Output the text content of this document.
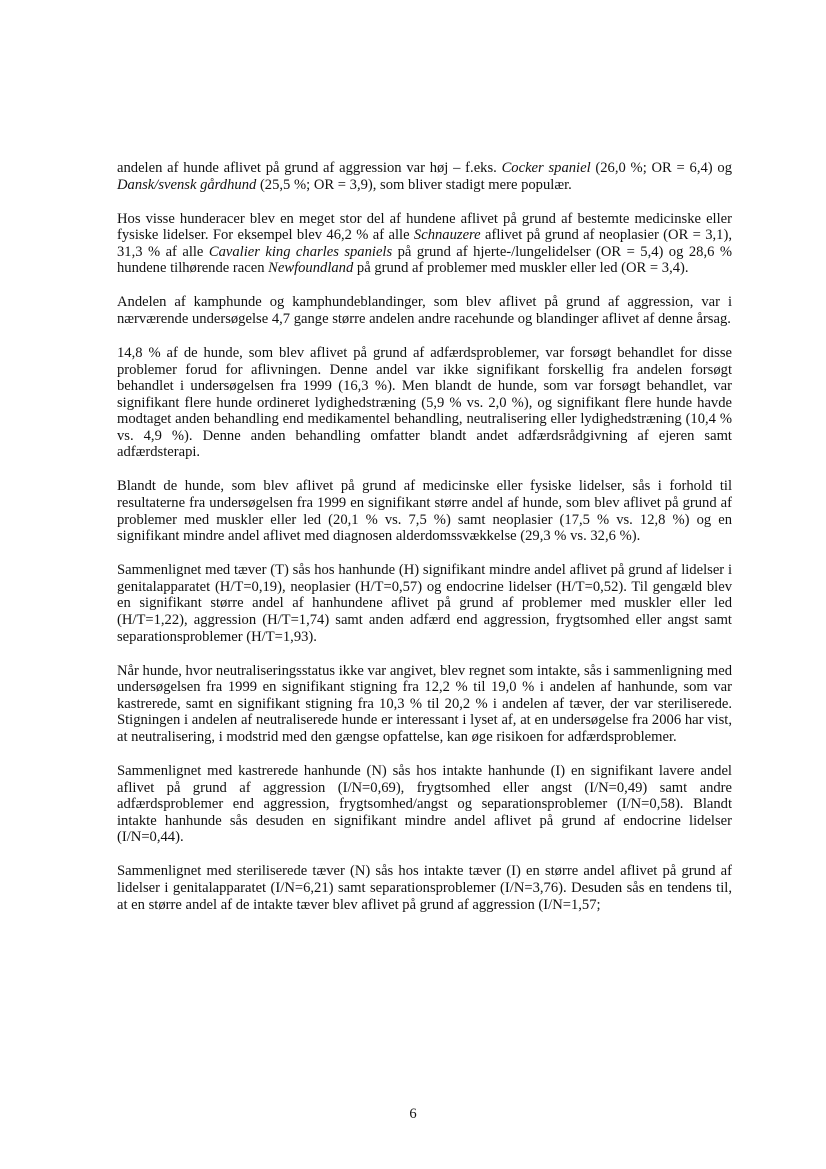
andelen af hunde aflivet på grund af aggression var høj – f.eks. Cocker spaniel (26,0 %; OR = 6,4) og Dansk/svensk gårdhund (25,5 %; OR = 3,9), som bliver stadigt mere populær.

Hos visse hunderacer blev en meget stor del af hundene aflivet på grund af bestemte medicinske eller fysiske lidelser. For eksempel blev 46,2 % af alle Schnauzere aflivet på grund af neoplasier (OR = 3,1), 31,3 % af alle Cavalier king charles spaniels på grund af hjerte-/lungelidelser (OR = 5,4) og 28,6 % hundene tilhørende racen Newfoundland på grund af problemer med muskler eller led (OR = 3,4).

Andelen af kamphunde og kamphundeblandinger, som blev aflivet på grund af aggression, var i nærværende undersøgelse 4,7 gange større andelen andre racehunde og blandinger aflivet af denne årsag.

14,8 % af de hunde, som blev aflivet på grund af adfærdsproblemer, var forsøgt behandlet for disse problemer forud for aflivningen. Denne andel var ikke signifikant forskellig fra andelen forsøgt behandlet i undersøgelsen fra 1999 (16,3 %). Men blandt de hunde, som var forsøgt behandlet, var signifikant flere hunde ordineret lydighedstræning (5,9 % vs. 2,0 %), og signifikant flere hunde havde modtaget anden behandling end medikamentel behandling, neutralisering eller lydighedstræning (10,4 % vs. 4,9 %). Denne anden behandling omfatter blandt andet adfærdsrådgivning af ejeren samt adfærdsterapi.

Blandt de hunde, som blev aflivet på grund af medicinske eller fysiske lidelser, sås i forhold til resultaterne fra undersøgelsen fra 1999 en signifikant større andel af hunde, som blev aflivet på grund af problemer med muskler eller led (20,1 % vs. 7,5 %) samt neoplasier (17,5 % vs. 12,8 %) og en signifikant mindre andel aflivet med diagnosen alderdomssvækkelse (29,3 % vs. 32,6 %).

Sammenlignet med tæver (T) sås hos hanhunde (H) signifikant mindre andel aflivet på grund af lidelser i genitalapparatet (H/T=0,19), neoplasier (H/T=0,57) og endocrine lidelser (H/T=0,52). Til gengæld blev en signifikant større andel af hanhundene aflivet på grund af problemer med muskler eller led (H/T=1,22), aggression (H/T=1,74) samt anden adfærd end aggression, frygtsomhed eller angst samt separationsproblemer (H/T=1,93).

Når hunde, hvor neutraliseringsstatus ikke var angivet, blev regnet som intakte, sås i sammenligning med undersøgelsen fra 1999 en signifikant stigning fra 12,2 % til 19,0 % i andelen af hanhunde, som var kastrerede, samt en signifikant stigning fra 10,3 % til 20,2 % i andelen af tæver, der var steriliserede. Stigningen i andelen af neutraliserede hunde er interessant i lyset af, at en undersøgelse fra 2006 har vist, at neutralisering, i modstrid med den gængse opfattelse, kan øge risikoen for adfærdsproblemer.

Sammenlignet med kastrerede hanhunde (N) sås hos intakte hanhunde (I) en signifikant lavere andel aflivet på grund af aggression (I/N=0,69), frygtsomhed eller angst (I/N=0,49) samt andre adfærdsproblemer end aggression, frygtsomhed/angst og separationsproblemer (I/N=0,58). Blandt intakte hanhunde sås desuden en signifikant mindre andel aflivet på grund af endocrine lidelser (I/N=0,44).

Sammenlignet med steriliserede tæver (N) sås hos intakte tæver (I) en større andel aflivet på grund af lidelser i genitalapparatet (I/N=6,21) samt separationsproblemer (I/N=3,76). Desuden sås en tendens til, at en større andel af de intakte tæver blev aflivet på grund af aggression (I/N=1,57;

6
